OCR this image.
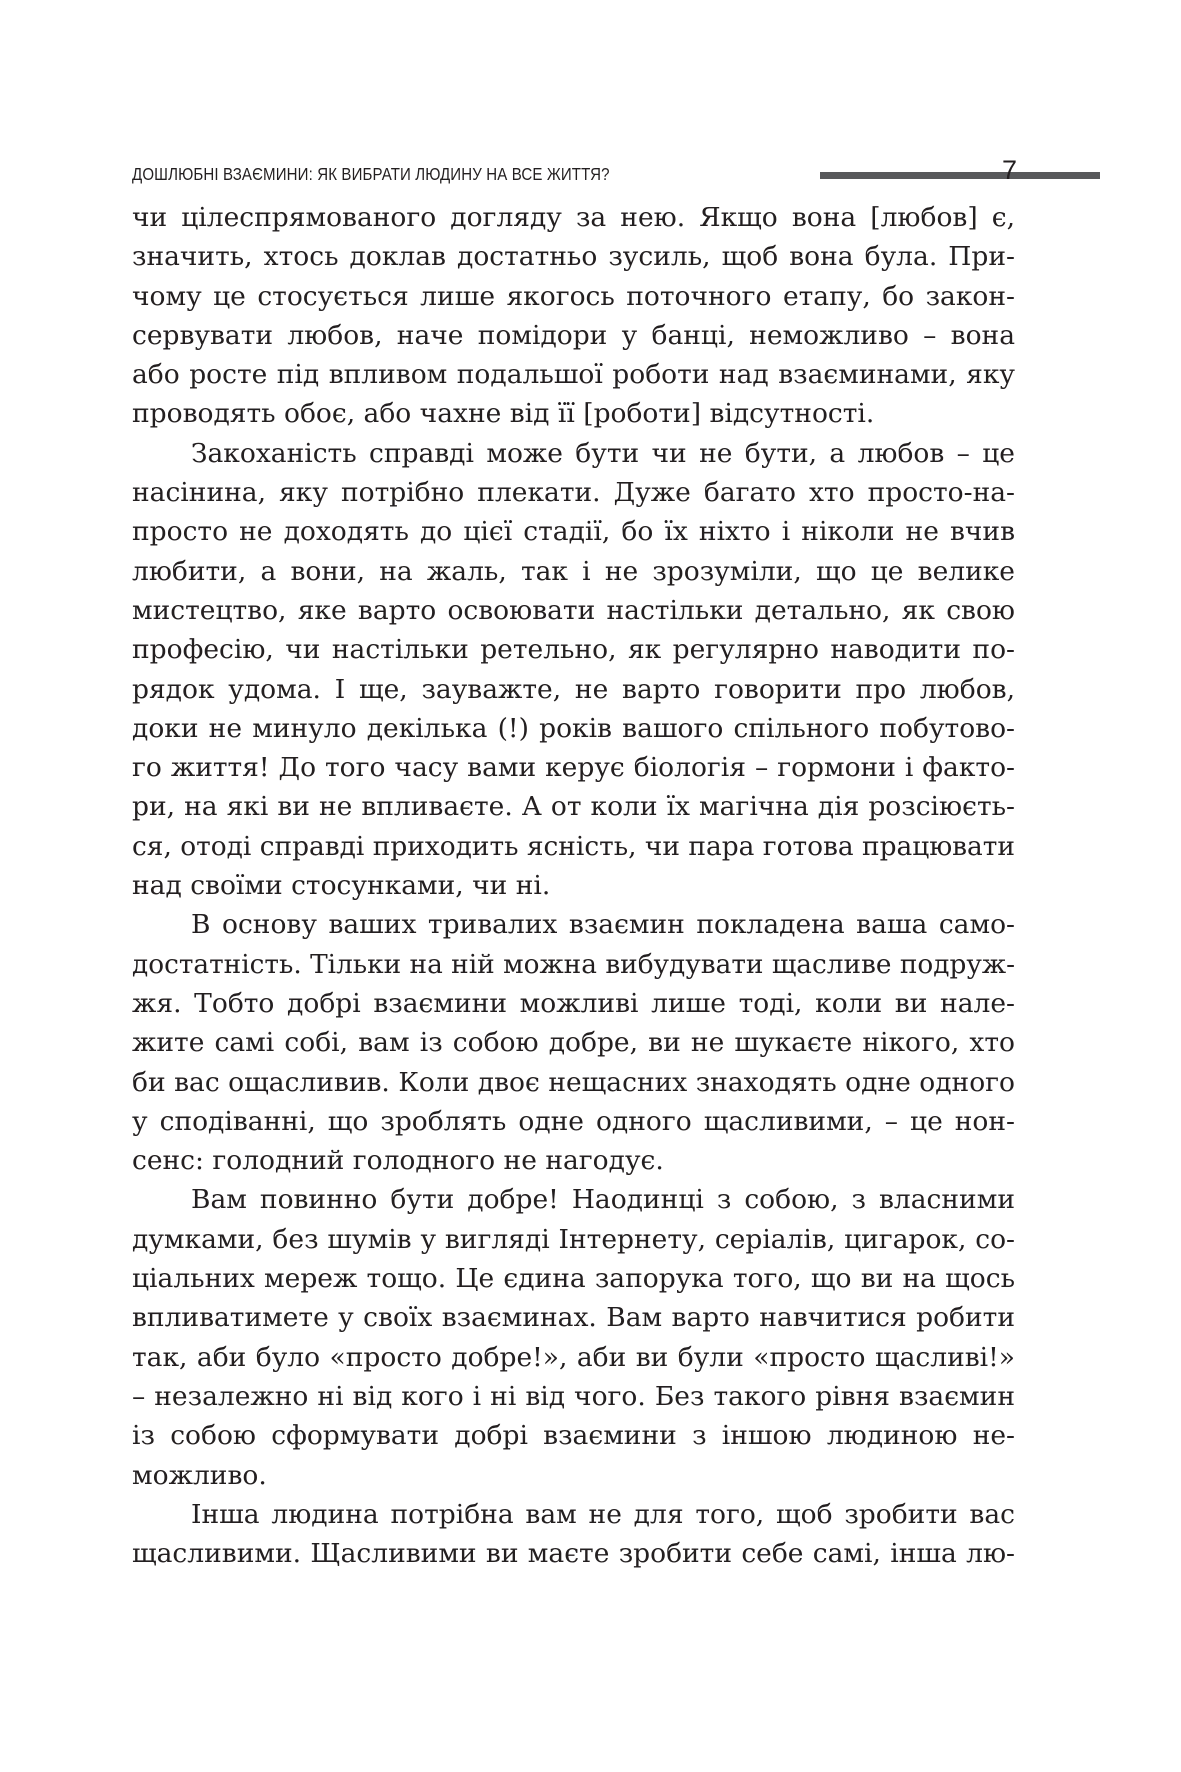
ДОШЛЮБНІ ВЗАЄМИНИ: ЯК ВИБРАТИ ЛЮДИНУ НА ВСЕ ЖИТТЯ?	7
чи цілеспрямованого догляду за нею. Якщо вона [любов] є,
значить, хтось доклав достатньо зусиль, щоб вона була. При-
чому це стосується лише якогось поточного етапу, бо закон-
сервувати любов, наче помідори у банці, неможливо – вона
або росте під впливом подальшої роботи над взаєминами, яку
проводять обоє, або чахне від її [роботи] відсутності.
Закоханість справді може бути чи не бути, а любов – це
насінина, яку потрібно плекати. Дуже багато хто просто-на-
просто не доходять до цієї стадії, бо їх ніхто і ніколи не вчив
любити, а вони, на жаль, так і не зрозуміли, що це велике
мистецтво, яке варто освоювати настільки детально, як свою
професію, чи настільки ретельно, як регулярно наводити по-
рядок удома. І ще, зауважте, не варто говорити про любов,
доки не минуло декілька (!) років вашого спільного побутово-
го життя! До того часу вами керує біологія – гормони і факто-
ри, на які ви не впливаєте. А от коли їх магічна дія розсіюєть-
ся, отоді справді приходить ясність, чи пара готова працювати
над своїми стосунками, чи ні.
В основу ваших тривалих взаємин покладена ваша само-
достатність. Тільки на ній можна вибудувати щасливе подруж-
жя. Тобто добрі взаємини можливі лише тоді, коли ви нале-
жите самі собі, вам із собою добре, ви не шукаєте нікого, хто
би вас ощасливив. Коли двоє нещасних знаходять одне одного
у сподіванні, що зроблять одне одного щасливими, – це нон-
сенс: голодний голодного не нагодує.
Вам повинно бути добре! Наодинці з собою, з власними
думками, без шумів у вигляді Інтернету, серіалів, цигарок, со-
ціальних мереж тощо. Це єдина запорука того, що ви на щось
впливатимете у своїх взаєминах. Вам варто навчитися робити
так, аби було «просто добре!», аби ви були «просто щасливі!»
– незалежно ні від кого і ні від чого. Без такого рівня взаємин
із собою сформувати добрі взаємини з іншою людиною не-
можливо.
Інша людина потрібна вам не для того, щоб зробити вас
щасливими. Щасливими ви маєте зробити себе самі, інша лю-
